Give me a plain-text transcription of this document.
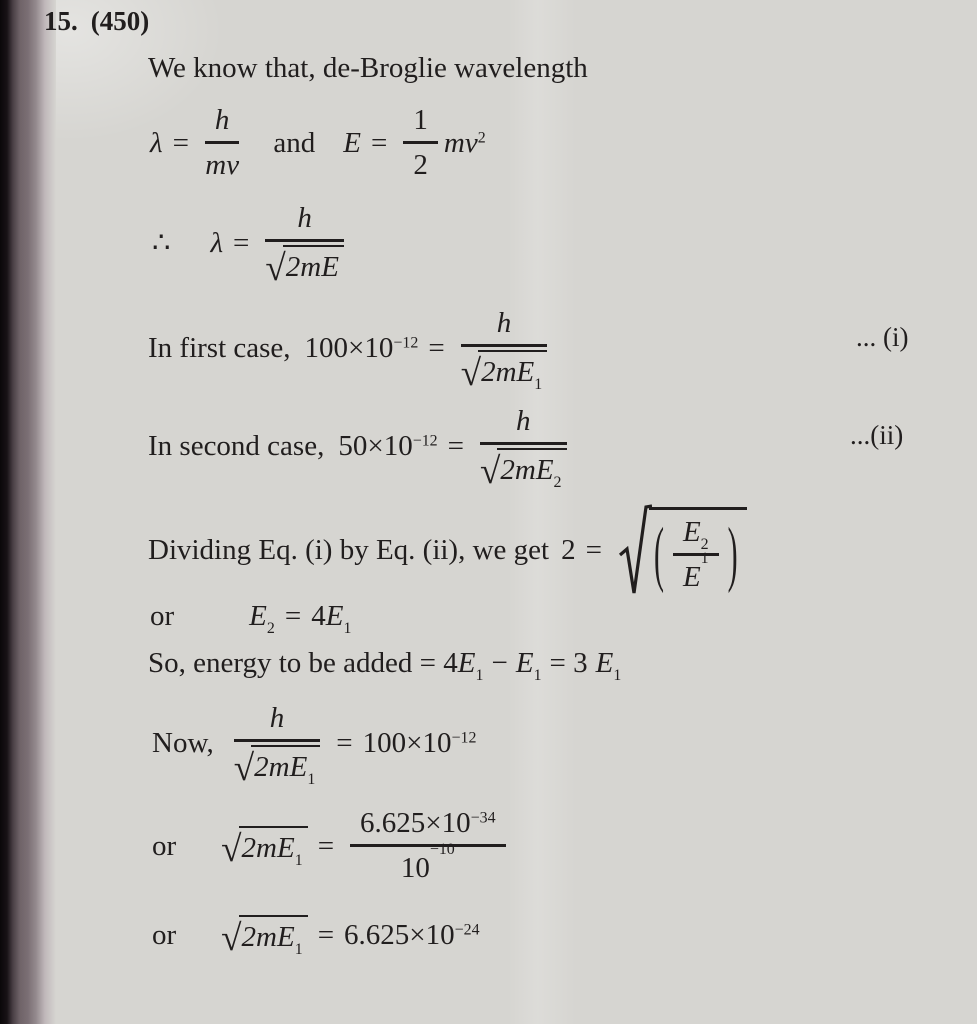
15. (450)
We know that, de-Broglie wavelength
$\lambda = \frac{h}{mv}$ and $E = \frac{1}{2} mv^2$
∴ $\lambda = \frac{h}{√ 2mE}$
In first case, $100\times 10^{-12} = \frac{h}{√ 2mE_1}$	... (i)
In second case, $50\times 10^{-12} = \frac{h}{√ 2mE_2}$	...(ii)
Dividing Eq. (i) by Eq. (ii), we get 2 = ( $E_2$
E
1 )
or	$E_2 = 4E_1$
So, energy to be added = 4 $E_1 - E_1 = 3$ $E_1$
Now, $\frac{h}{√ 2mE_1} = 100\times 10^{-12}$
or √ $2mE_1 = 6.625\times 10^{-34}$
10
−10
or √ $2mE_1 = 6.625\times 10^{-24}$
